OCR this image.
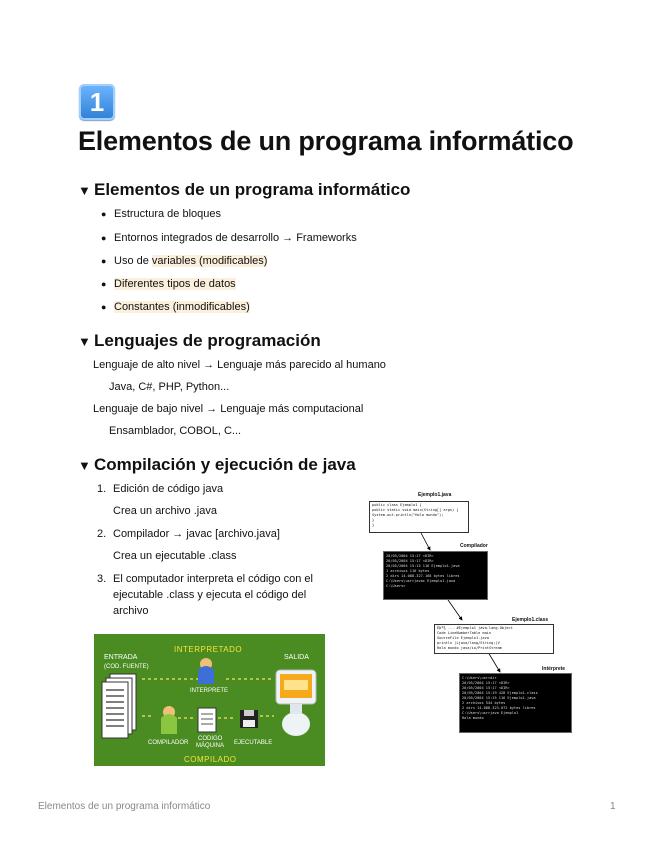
1
Elementos de un programa informático
▼ Elementos de un programa informático
● Estructura de bloques
● Entornos integrados de desarrollo → Frameworks
● Uso de variables (modificables)
● Diferentes tipos de datos
● Constantes (inmodificables)
▼ Lenguajes de programación
Lenguaje de alto nivel → Lenguaje más parecido al humano
Java, C#, PHP, Python...
Lenguaje de bajo nivel → Lenguaje más computacional
Ensamblador, COBOL, C...
▼ Compilación y ejecución de java
1. Edición de código java
Crea un archivo .java
2. Compilador → javac [archivo.java]
Crea un ejecutable .class
3. El computador interpreta el código con el
ejecutable .class y ejecuta el código del
archivo
INTERPRETADO
ENTRADA
(COD. FUENTE)
SALIDA
INTERPRETE
COMPILADOR
CODIGO
MÁQUINA EJECUTABLE
COMPILADO
Ejemplo1.java
public class Ejemplo1 {
public static void main(String[] args) {
System.out.println("Hola mundo");
}
}
Compilador
20/05/2004 15:17 <DIR>
20/05/2004 15:17 <DIR>
20/05/2004 15:15 116 Ejemplo1.java
1 archivos 116 bytes
2 dirs 14.088.327.168 bytes libres
C:\Users\usr>javac Ejemplo1.java
C:\Users>
Ejemplo1.class
Êþº¾ ... #Ejemplo1 java.lang.Object
Code LineNumberTable main
SourceFile Ejemplo1.java
println (Ljava/lang/String;)V
Hola mundo java/io/PrintStream
Intérprete
C:\Users\usr>dir
20/05/2004 15:17 <DIR>
20/05/2004 15:17 <DIR>
20/05/2004 15:19 428 Ejemplo1.class
20/05/2004 15:15 116 Ejemplo1.java
2 archivos 544 bytes
2 dirs 14.088.323.072 bytes libres
C:\Users\usr>java Ejemplo1
Hola mundo
Elementos de un programa informático	1
